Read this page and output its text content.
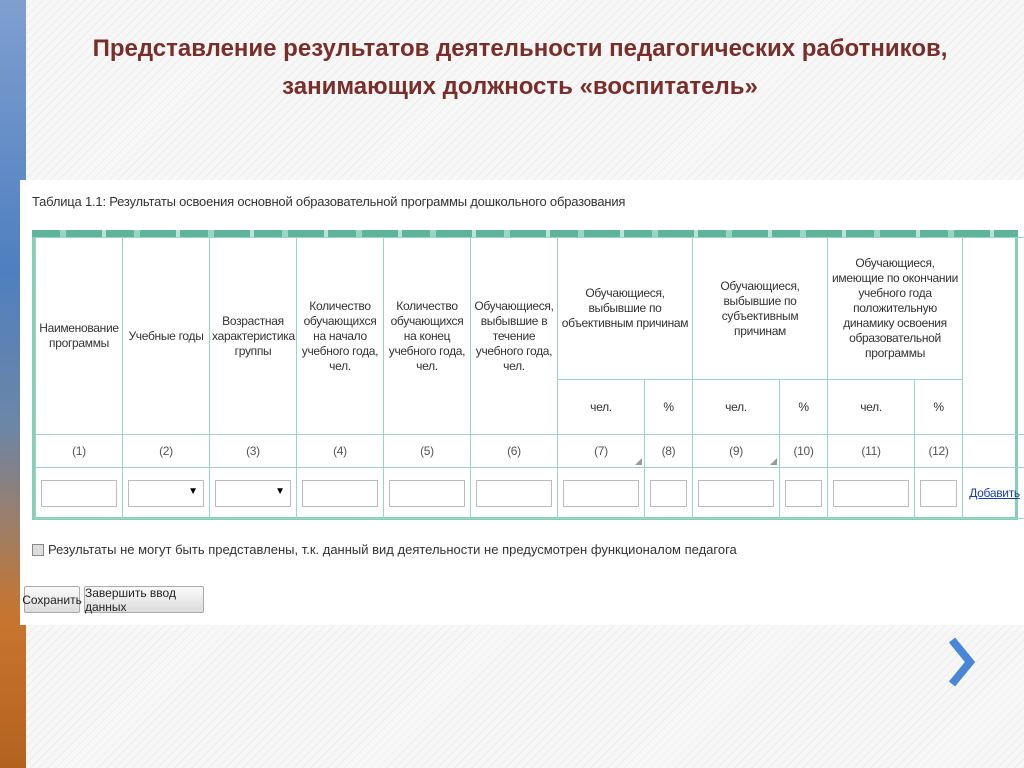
Представление результатов деятельности педагогических работников, занимающих должность «воспитатель»
Таблица 1.1: Результаты освоения основной образовательной программы дошкольного образования
Наименование программы	Учебные годы	Возрастная характеристика группы	Количество обучающихся на начало учебного года, чел.	Количество обучающихся на конец учебного года, чел.	Обучающиеся, выбывшие в течение учебного года, чел.	Обучающиеся, выбывшие по объективным причинам		Обучающиеся, выбывшие по субъективным причинам		Обучающиеся, имеющие по окончании учебного года положительную динамику освоения образовательной программы		
						чел.	%	чел.	%	чел.	%	
(1)	(2)	(3)	(4)	(5)	(6)	(7)	(8)	(9)	(10)	(11)	(12)	

▼	▼										Добавить
Результаты не могут быть представлены, т.к. данный вид деятельности не предусмотрен функционалом педагога
Сохранить Завершить ввод данных
